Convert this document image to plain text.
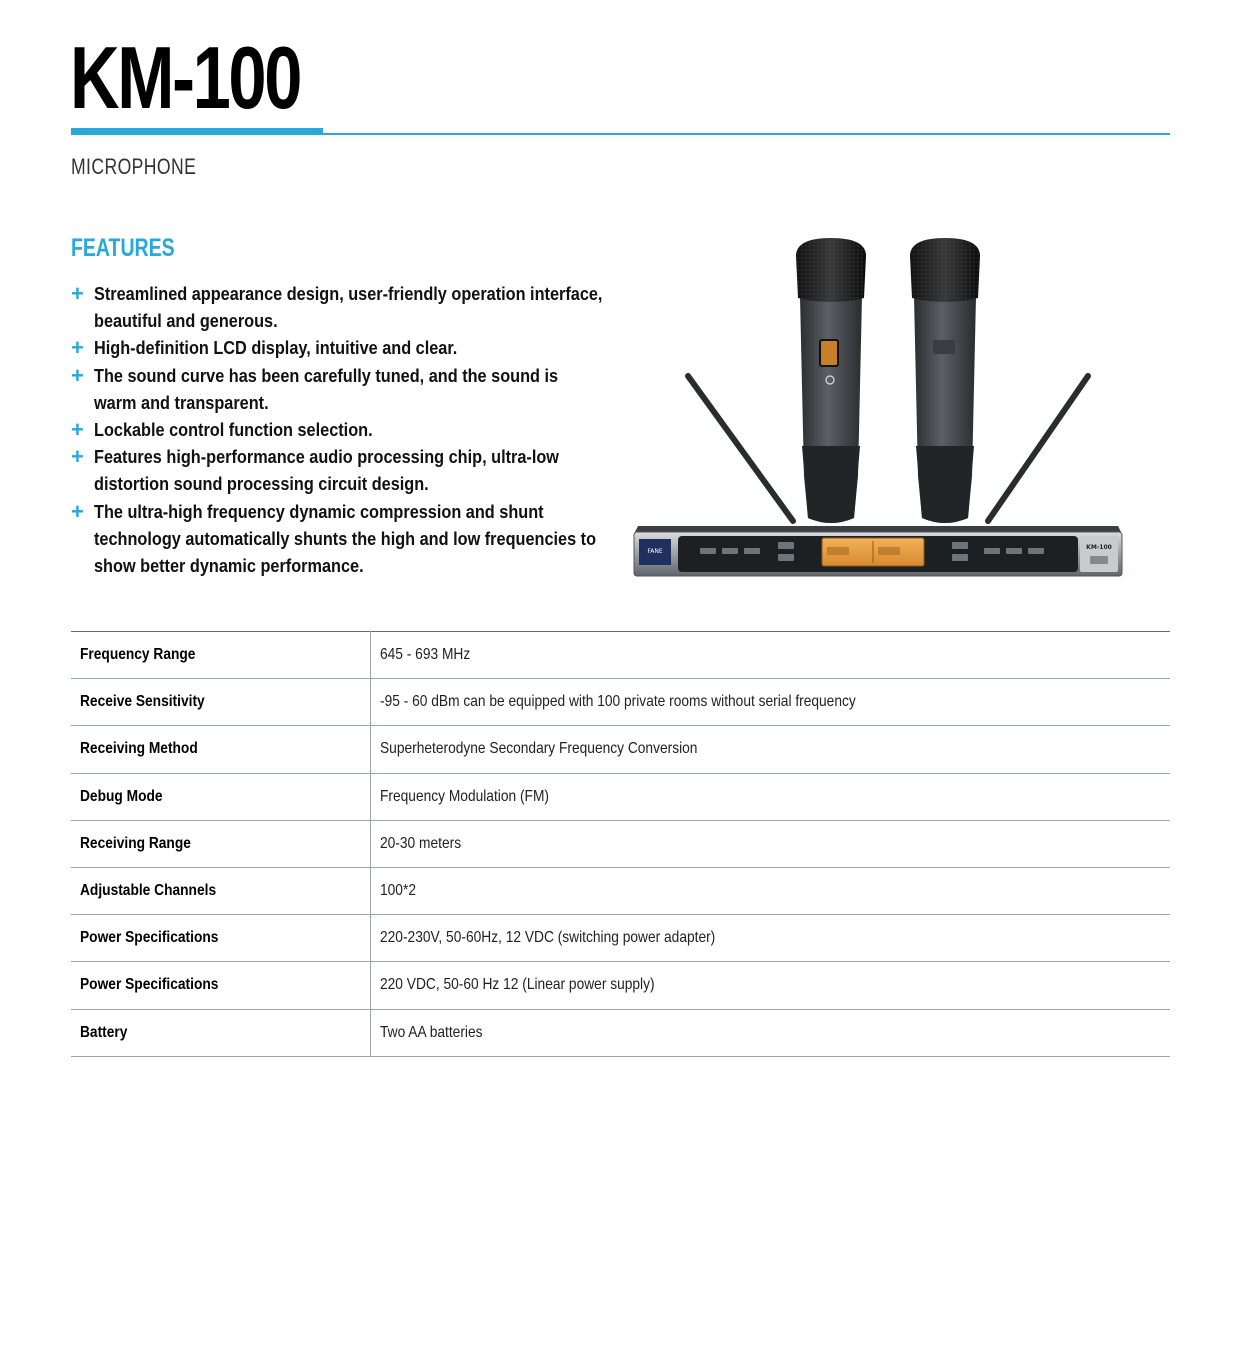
KM-100
MICROPHONE
FEATURES
+ Streamlined appearance design, user-friendly operation interface, beautiful and generous.
+ High-definition LCD display, intuitive and clear.
+ The sound curve has been carefully tuned, and the sound is warm and transparent.
+ Lockable control function selection.
+ Features high-performance audio processing chip, ultra-low distortion sound processing circuit design.
+ The ultra-high frequency dynamic compression and shunt technology automatically shunts the high and low frequencies to show better dynamic performance.
FANE
KM-100
Frequency Range	645 - 693 MHz
Receive Sensitivity	-95 - 60 dBm can be equipped with 100 private rooms without serial frequency
Receiving Method	Superheterodyne Secondary Frequency Conversion
Debug Mode	Frequency Modulation (FM)
Receiving Range	20-30 meters
Adjustable Channels	100*2
Power Specifications	220-230V, 50-60Hz, 12 VDC (switching power adapter)
Power Specifications	220 VDC, 50-60 Hz 12 (Linear power supply)
Battery	Two AA batteries
